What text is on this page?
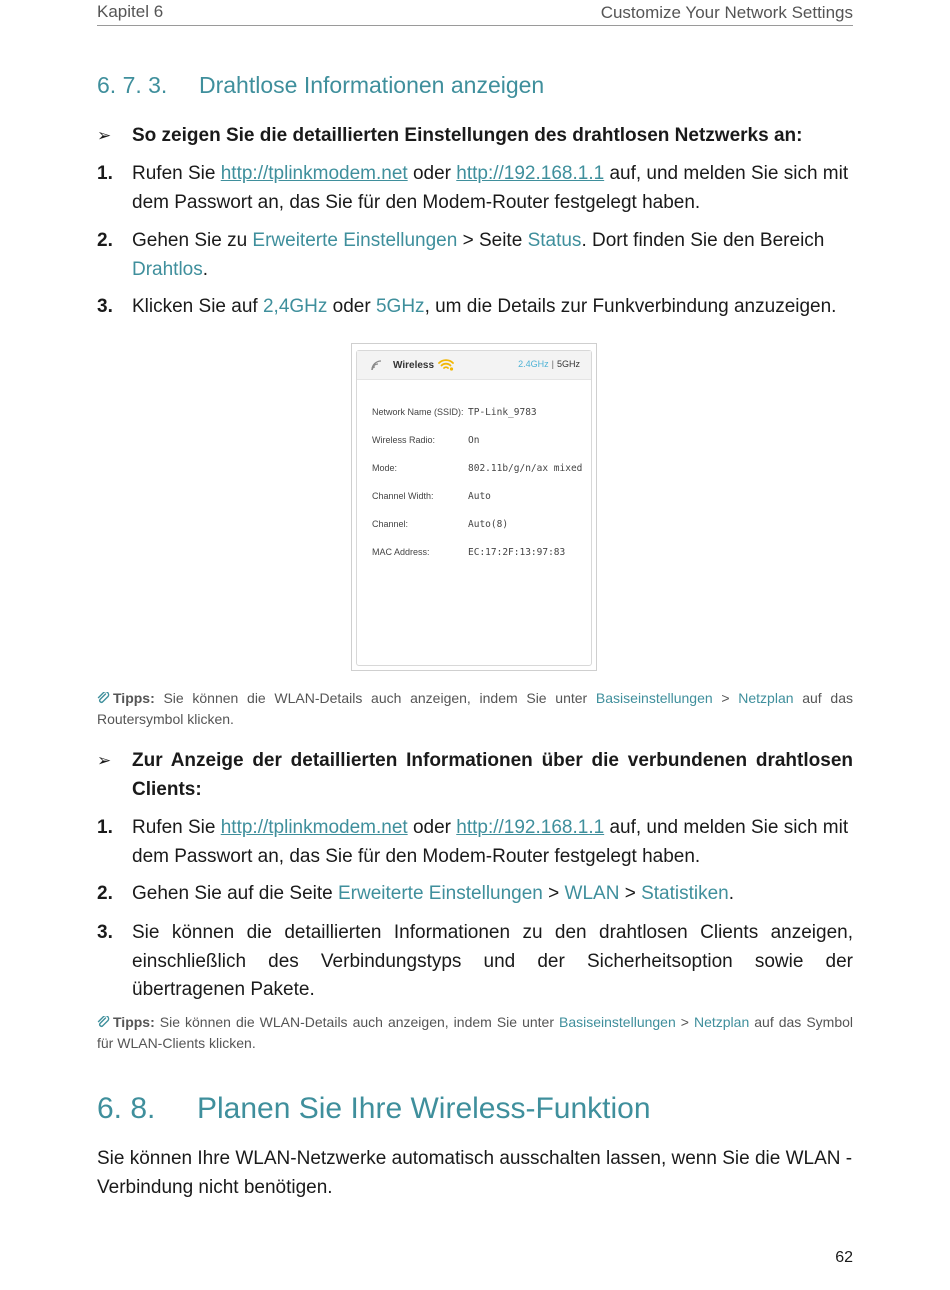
Kapitel 6	Customize Your Network Settings
6. 7. 3. Drahtlose Informationen anzeigen
➢ So zeigen Sie die detaillierten Einstellungen des drahtlosen Netzwerks an:
1. Rufen Sie http://tplinkmodem.net oder http://192.168.1.1 auf, und melden Sie sich mit dem Passwort an, das Sie für den Modem-Router festgelegt haben.
2. Gehen Sie zu Erweiterte Einstellungen > Seite Status. Dort finden Sie den Bereich Drahtlos.
3. Klicken Sie auf 2,4GHz oder 5GHz, um die Details zur Funkverbindung anzuzeigen.
Wireless	2.4GHz | 5GHz
Network Name (SSID): TP-Link_9783
Wireless Radio:	On
Mode:	802.11b/g/n/ax mixed
Channel Width:	Auto
Channel:	Auto(8)
MAC Address:	EC:17:2F:13:97:83
Tipps: Sie können die WLAN-Details auch anzeigen, indem Sie unter Basiseinstellungen > Netzplan auf das Routersymbol klicken.
➢ Zur Anzeige der detaillierten Informationen über die verbundenen drahtlosen Clients:
1. Rufen Sie http://tplinkmodem.net oder http://192.168.1.1 auf, und melden Sie sich mit dem Passwort an, das Sie für den Modem-Router festgelegt haben.
2. Gehen Sie auf die Seite Erweiterte Einstellungen > WLAN > Statistiken.
3. Sie können die detaillierten Informationen zu den drahtlosen Clients anzeigen, einschließlich des Verbindungstyps und der Sicherheitsoption sowie der übertragenen Pakete.
Tipps: Sie können die WLAN-Details auch anzeigen, indem Sie unter Basiseinstellungen > Netzplan auf das Symbol für WLAN-Clients klicken.
6. 8. Planen Sie Ihre Wireless-Funktion
Sie können Ihre WLAN-Netzwerke automatisch ausschalten lassen, wenn Sie die WLAN -Verbindung nicht benötigen.
62
